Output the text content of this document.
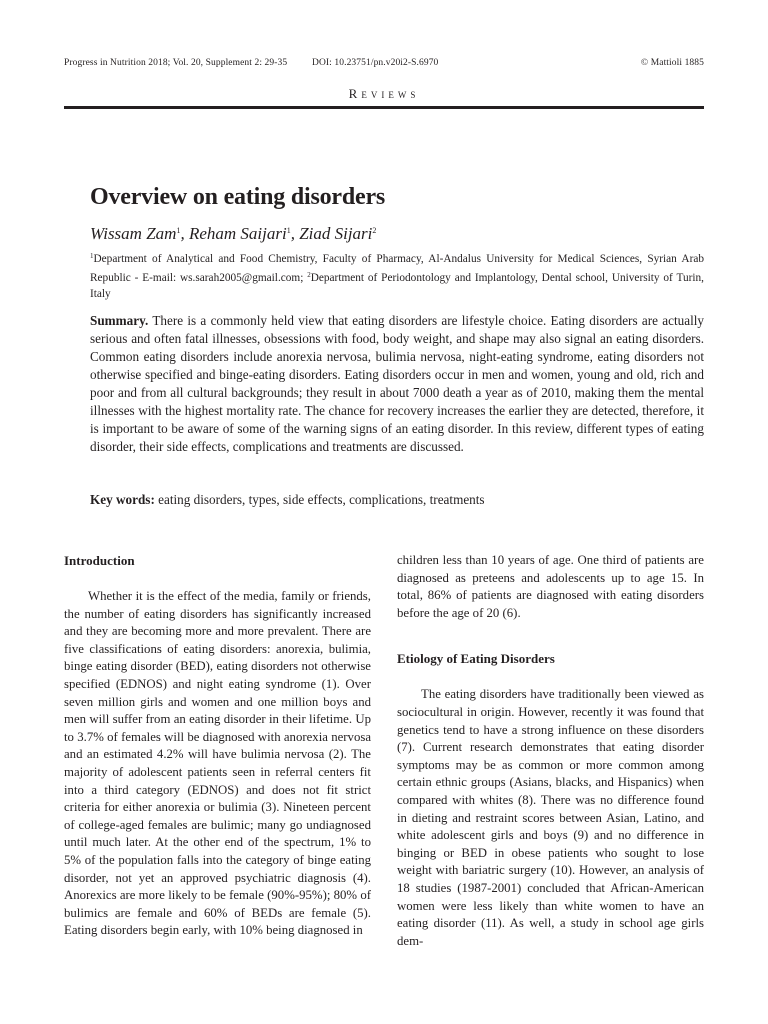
Progress in Nutrition 2018; Vol. 20, Supplement 2: 29-35	DOI: 10.23751/pn.v20i2-S.6970	© Mattioli 1885
Reviews
Overview on eating disorders
Wissam Zam$^1$, Reham Saijari$^1$, Ziad Sijari$^2$
$^1$Department of Analytical and Food Chemistry, Faculty of Pharmacy, Al-Andalus University for Medical Sciences, Syrian Arab Republic - E-mail: ws.sarah2005@gmail.com; $^2$Department of Periodontology and Implantology, Dental school, University of Turin, Italy
Summary. There is a commonly held view that eating disorders are lifestyle choice. Eating disorders are actually serious and often fatal illnesses, obsessions with food, body weight, and shape may also signal an eating disorders. Common eating disorders include anorexia nervosa, bulimia nervosa, night-eating syndrome, eating disorders not otherwise specified and binge-eating disorders. Eating disorders occur in men and women, young and old, rich and poor and from all cultural backgrounds; they result in about 7000 death a year as of 2010, making them the mental illnesses with the highest mortality rate. The chance for recovery increases the earlier they are detected, therefore, it is important to be aware of some of the warning signs of an eating disorder. In this review, different types of eating disorder, their side effects, complications and treatments are discussed.
Key words: eating disorders, types, side effects, complications, treatments
Introduction

Whether it is the effect of the media, family or friends, the number of eating disorders has significantly increased and they are becoming more and more prevalent. There are five classifications of eating disorders: anorexia, bulimia, binge eating disorder (BED), eating disorders not otherwise specified (EDNOS) and night eating syndrome (1). Over seven million girls and women and one million boys and men will suffer from an eating disorder in their lifetime. Up to 3.7% of females will be diagnosed with anorexia nervosa and an estimated 4.2% will have bulimia nervosa (2). The majority of adolescent patients seen in referral centers fit into a third category (EDNOS) and does not fit strict criteria for either anorexia or bulimia (3). Nineteen percent of college-aged females are bulimic; many go undiagnosed until much later. At the other end of the spectrum, 1% to 5% of the population falls into the category of binge eating disorder, not yet an approved psychiatric diagnosis (4). Anorexics are more likely to be female (90%-95%); 80% of bulimics are female and 60% of BEDs are female (5). Eating disorders begin early, with 10% being diagnosed in

children less than 10 years of age. One third of patients are diagnosed as preteens and adolescents up to age 15. In total, 86% of patients are diagnosed with eating disorders before the age of 20 (6).

Etiology of Eating Disorders

The eating disorders have traditionally been viewed as sociocultural in origin. However, recently it was found that genetics tend to have a strong influence on these disorders (7). Current research demonstrates that eating disorder symptoms may be as common or more common among certain ethnic groups (Asians, blacks, and Hispanics) when compared with whites (8). There was no difference found in dieting and restraint scores between Asian, Latino, and white adolescent girls and boys (9) and no difference in binging or BED in obese patients who sought to lose weight with bariatric surgery (10). However, an analysis of 18 studies (1987-2001) concluded that African-American women were less likely than white women to have an eating disorder (11). As well, a study in school age girls dem-
